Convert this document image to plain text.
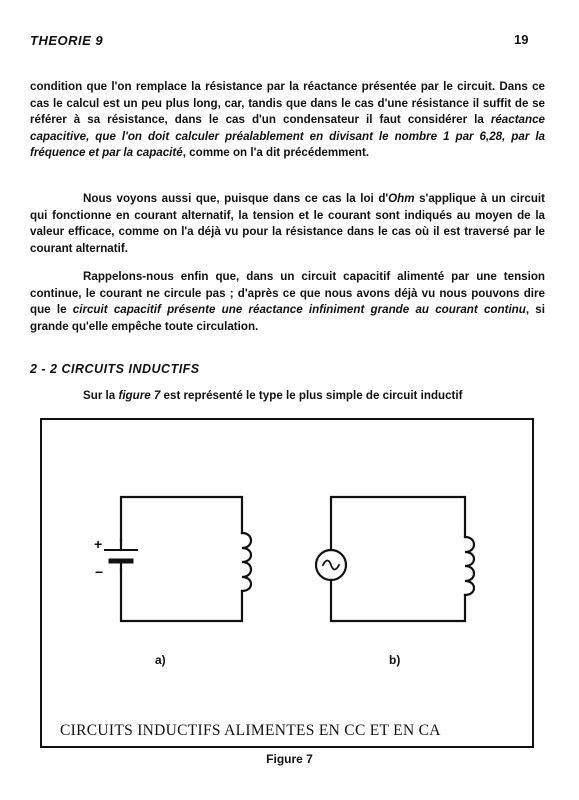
THEORIE 9	19

condition que l'on remplace la résistance par la réactance présentée par le circuit. Dans ce cas le calcul est un peu plus long, car, tandis que dans le cas d'une résistance il suffit de se référer à sa résistance, dans le cas d'un condensateur il faut considérer la réactance capacitive, que l'on doit calculer préalablement en divisant le nombre 1 par 6,28, par la fréquence et par la capacité, comme on l'a dit précédemment.

Nous voyons aussi que, puisque dans ce cas la loi d'Ohm s'applique à un circuit qui fonctionne en courant alternatif, la tension et le courant sont indiqués au moyen de la valeur efficace, comme on l'a déjà vu pour la résistance dans le cas où il est traversé par le courant alternatif.

Rappelons-nous enfin que, dans un circuit capacitif alimenté par une tension continue, le courant ne circule pas ; d'après ce que nous avons déjà vu nous pouvons dire que le circuit capacitif présente une réactance infiniment grande au courant continu, si grande qu'elle empêche toute circulation.

2 - 2 CIRCUITS INDUCTIFS

Sur la figure 7 est représenté le type le plus simple de circuit inductif

+
−
a)	b)
CIRCUITS INDUCTIFS ALIMENTES EN CC ET EN CA
Figure 7
